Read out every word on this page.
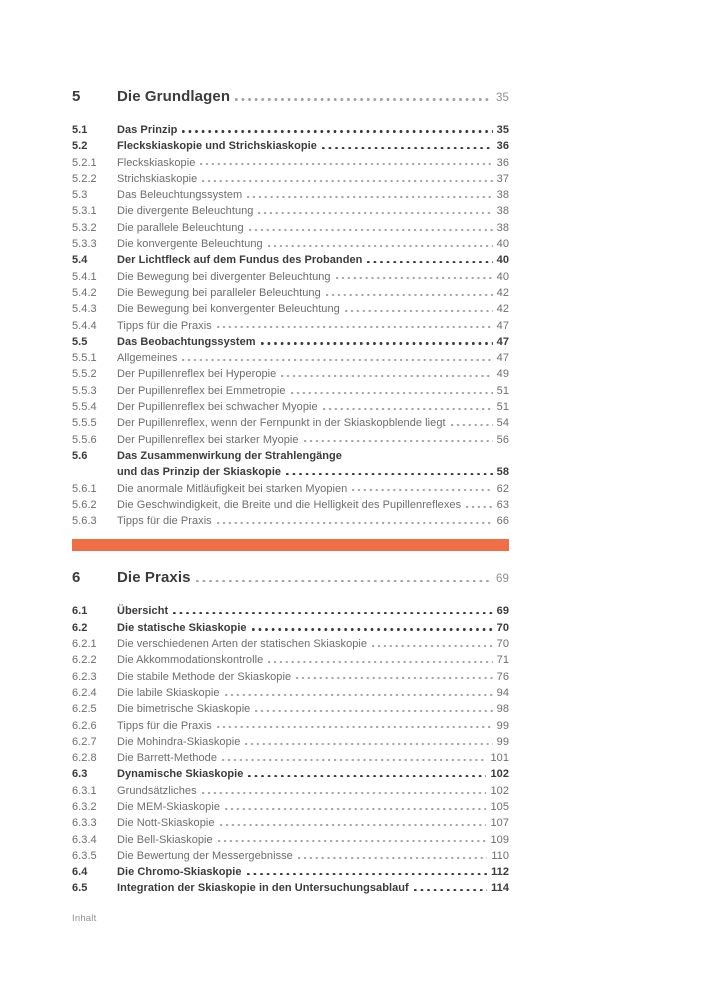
5	Die Grundlagen	35
5.1	Das Prinzip	35
5.2	Fleckskiaskopie und Strichskiaskopie	36
5.2.1	Fleckskiaskopie	36
5.2.2	Strichskiaskopie	37
5.3	Das Beleuchtungssystem	38
5.3.1	Die divergente Beleuchtung	38
5.3.2	Die parallele Beleuchtung	38
5.3.3	Die konvergente Beleuchtung	40
5.4	Der Lichtfleck auf dem Fundus des Probanden	40
5.4.1	Die Bewegung bei divergenter Beleuchtung	40
5.4.2	Die Bewegung bei paralleler Beleuchtung	42
5.4.3	Die Bewegung bei konvergenter Beleuchtung	42
5.4.4	Tipps für die Praxis	47
5.5	Das Beobachtungssystem	47
5.5.1	Allgemeines	47
5.5.2	Der Pupillenreflex bei Hyperopie	49
5.5.3	Der Pupillenreflex bei Emmetropie	51
5.5.4	Der Pupillenreflex bei schwacher Myopie	51
5.5.5	Der Pupillenreflex, wenn der Fernpunkt in der Skiaskopblende liegt	54
5.5.6	Der Pupillenreflex bei starker Myopie	56
5.6	Das Zusammenwirkung der Strahlengänge
und das Prinzip der Skiaskopie	58
5.6.1	Die anormale Mitläufigkeit bei starken Myopien	62
5.6.2	Die Geschwindigkeit, die Breite und die Helligkeit des Pupillenreflexes	63
5.6.3	Tipps für die Praxis	66
6	Die Praxis	69
6.1	Übersicht	69
6.2	Die statische Skiaskopie	70
6.2.1	Die verschiedenen Arten der statischen Skiaskopie	70
6.2.2	Die Akkommodationskontrolle	71
6.2.3	Die stabile Methode der Skiaskopie	76
6.2.4	Die labile Skiaskopie	94
6.2.5	Die bimetrische Skiaskopie	98
6.2.6	Tipps für die Praxis	99
6.2.7	Die Mohindra-Skiaskopie	99
6.2.8	Die Barrett-Methode	101
6.3	Dynamische Skiaskopie	102
6.3.1	Grundsätzliches	102
6.3.2	Die MEM-Skiaskopie	105
6.3.3	Die Nott-Skiaskopie	107
6.3.4	Die Bell-Skiaskopie	109
6.3.5	Die Bewertung der Messergebnisse	110
6.4	Die Chromo-Skiaskopie	112
6.5	Integration der Skiaskopie in den Untersuchungsablauf	114
Inhalt
